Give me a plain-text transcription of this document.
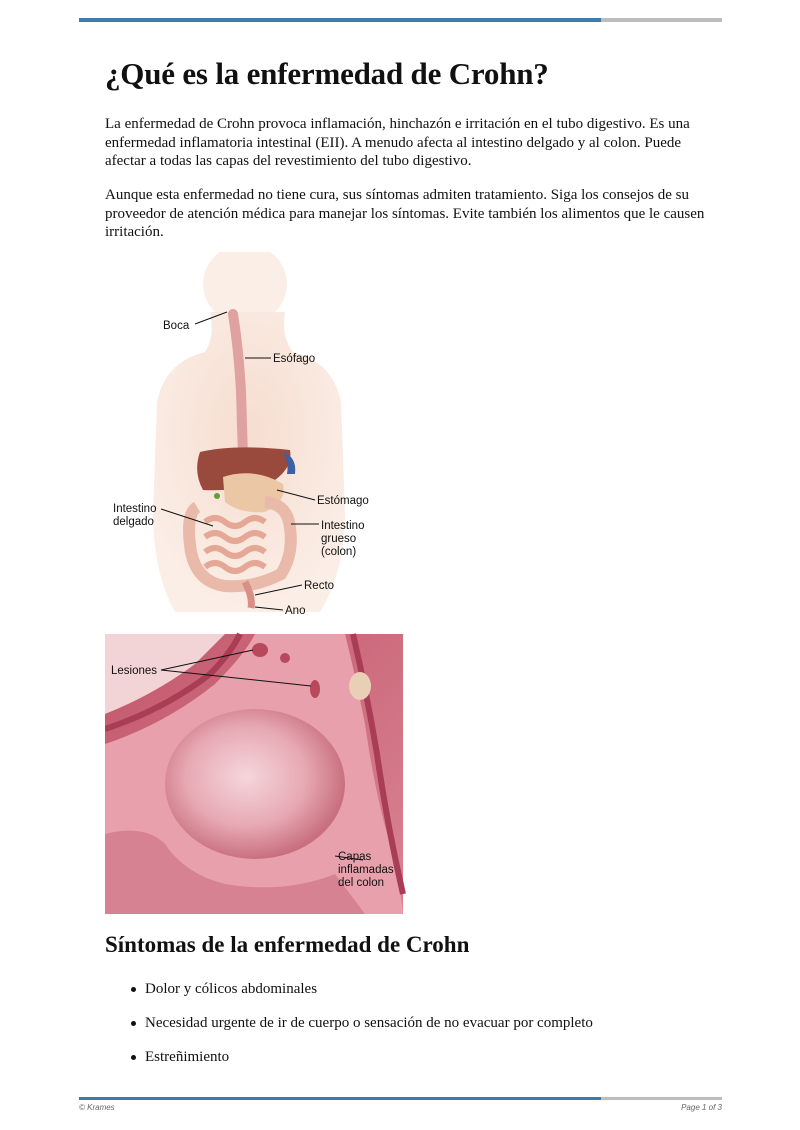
¿Qué es la enfermedad de Crohn?

La enfermedad de Crohn provoca inflamación, hinchazón e irritación en el tubo digestivo. Es una enfermedad inflamatoria intestinal (EII). A menudo afecta al intestino delgado y al colon. Puede afectar a todas las capas del revestimiento del tubo digestivo.

Aunque esta enfermedad no tiene cura, sus síntomas admiten tratamiento. Siga los consejos de su proveedor de atención médica para manejar los síntomas. Evite también los alimentos que le causen irritación.

Boca
Esófago
Estómago
Intestino
delgado	Intestino
grueso
(colon)
Recto
Ano
Lesiones
Capas
inflamadas
del colon
Síntomas de la enfermedad de Crohn
Dolor y cólicos abdominales
Necesidad urgente de ir de cuerpo o sensación de no evacuar por completo
Estreñimiento
© Krames	Page 1 of 3
